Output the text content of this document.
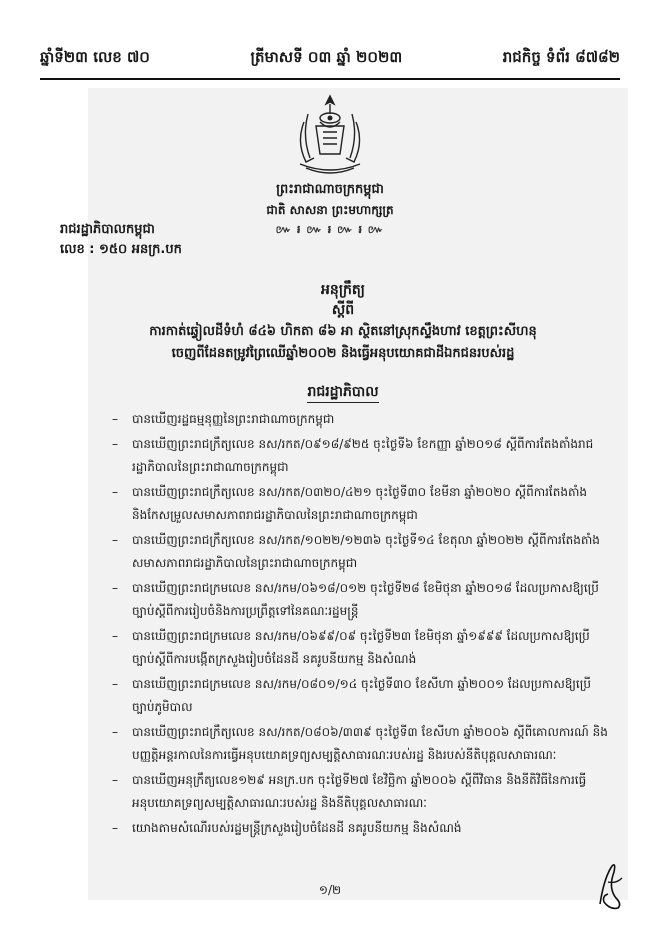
ឆ្នាំទី២៣ លេខ ៧០	ត្រីមាសទី ០៣ ឆ្នាំ ២០២៣	រាជកិច្ច ទំព័រ ៨៧៨២
ព្រះរាជាណាចក្រកម្ពុជា
ជាតិ សាសនា ព្រះមហាក្សត្រ
៚ ៛ ៚ ៛ ៚ ៛ ៚
រាជរដ្ឋាភិបាលកម្ពុជា
លេខ : ១៥០ អនក្រ.បក
អនុក្រឹត្យ
ស្ដីពី
ការកាត់ឆ្វៀលដីទំហំ ៨៤៦ ហិកតា ៨៦ អា ស្ថិតនៅស្រុកស្ទឹងហាវ ខេត្តព្រះសីហនុ
ចេញពីដែនតម្រូវព្រៃឈើឆ្នាំ២០០២ និងធ្វើអនុបយោគជាដីឯកជនរបស់រដ្ឋ
រាជរដ្ឋាភិបាល
– បានឃើញរដ្ឋធម្មនុញ្ញនៃព្រះរាជាណាចក្រកម្ពុជា
– បានឃើញព្រះរាជក្រឹត្យលេខ នស/រកត/០៩១៨/៩២៥ ចុះថ្ងៃទី៦ ខែកញ្ញា ឆ្នាំ២០១៨ ស្ដីពីការតែងតាំងរាជរដ្ឋាភិបាលនៃព្រះរាជាណាចក្រកម្ពុជា
– បានឃើញព្រះរាជក្រឹត្យលេខ នស/រកត/០៣២០/៤២១ ចុះថ្ងៃទី៣០ ខែមីនា ឆ្នាំ២០២០ ស្ដីពីការតែងតាំង និងកែសម្រួលសមាសភាពរាជរដ្ឋាភិបាលនៃព្រះរាជាណាចក្រកម្ពុជា
– បានឃើញព្រះរាជក្រឹត្យលេខ នស/រកត/១០២២/១២៣៦ ចុះថ្ងៃទី១៤ ខែតុលា ឆ្នាំ២០២២ ស្ដីពីការតែងតាំងសមាសភាពរាជរដ្ឋាភិបាលនៃព្រះរាជាណាចក្រកម្ពុជា
– បានឃើញព្រះរាជក្រមលេខ នស/រកម/០៦១៨/០១២ ចុះថ្ងៃទី២៨ ខែមិថុនា ឆ្នាំ២០១៨ ដែលប្រកាសឱ្យប្រើច្បាប់ស្ដីពីការរៀបចំនិងការប្រព្រឹត្តទៅនៃគណៈរដ្ឋមន្ត្រី
– បានឃើញព្រះរាជក្រមលេខ នស/រកម/០៦៩៩/០៩ ចុះថ្ងៃទី២៣ ខែមិថុនា ឆ្នាំ១៩៩៩ ដែលប្រកាសឱ្យប្រើច្បាប់ស្ដីពីការបង្កើតក្រសួងរៀបចំដែនដី នគរូបនីយកម្ម និងសំណង់
– បានឃើញព្រះរាជក្រមលេខ នស/រកម/០៨០១/១៤ ចុះថ្ងៃទី៣០ ខែសីហា ឆ្នាំ២០០១ ដែលប្រកាសឱ្យប្រើច្បាប់ភូមិបាល
– បានឃើញព្រះរាជក្រឹត្យលេខ នស/រកត/០៨០៦/៣៣៩ ចុះថ្ងៃទី៣ ខែសីហា ឆ្នាំ២០០៦ ស្ដីពីគោលការណ៍ និងបញ្ញត្តិអន្តរកាលនៃការធ្វើអនុបយោគទ្រព្យសម្បត្តិសាធារណៈរបស់រដ្ឋ និងរបស់នីតិបុគ្គលសាធារណៈ
– បានឃើញអនុក្រឹត្យលេខ១២៩ អនក្រ.បក ចុះថ្ងៃទី២៧ ខែវិច្ឆិកា ឆ្នាំ២០០៦ ស្ដីពីវិធាន និងនីតិវិធីនៃការធ្វើអនុបយោគទ្រព្យសម្បត្តិសាធារណៈរបស់រដ្ឋ និងនីតិបុគ្គលសាធារណៈ
– យោងតាមសំណើរបស់រដ្ឋមន្ត្រីក្រសួងរៀបចំដែនដី នគរូបនីយកម្ម និងសំណង់
១/២
